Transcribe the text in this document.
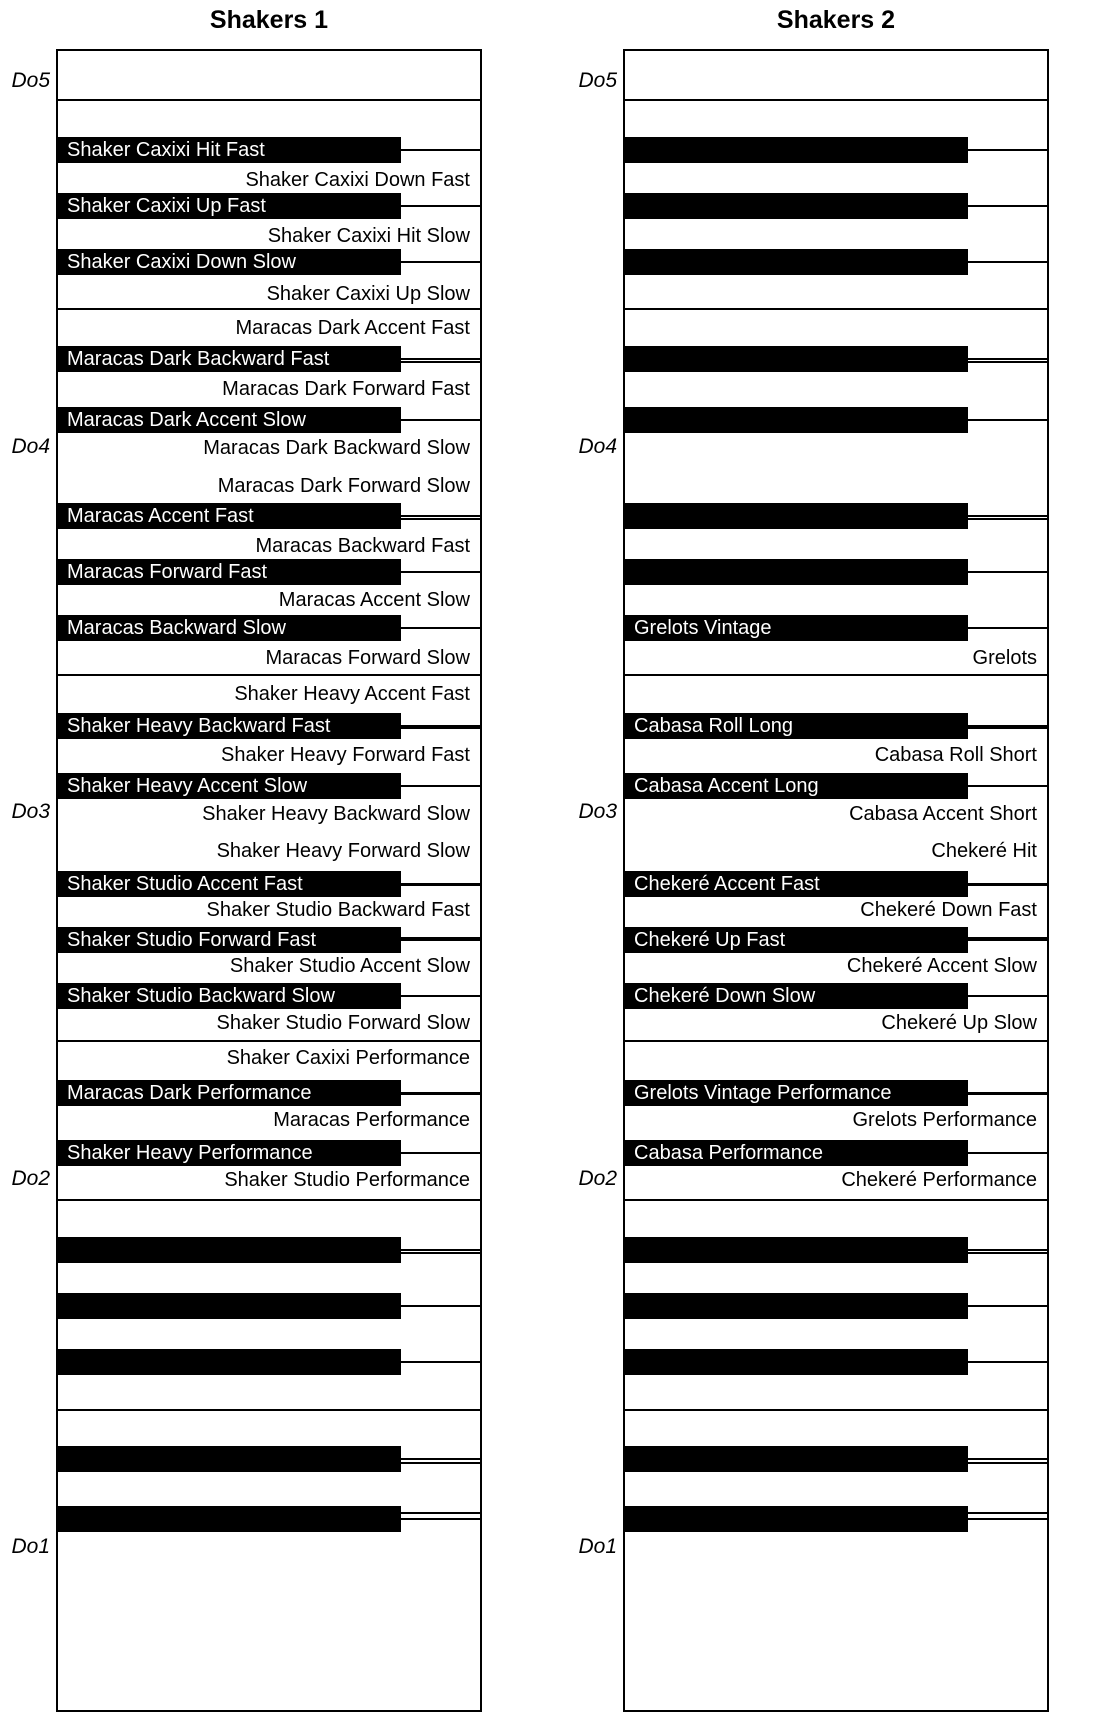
Shakers 1
Do5
Do4
Do3
Do2
Do1
Shaker Caxixi Hit Fast
Shaker Caxixi Up Fast
Shaker Caxixi Down Slow
Maracas Dark Backward Fast
Maracas Dark Accent Slow
Maracas Accent Fast
Maracas Forward Fast
Maracas Backward Slow
Shaker Heavy Backward Fast
Shaker Heavy Accent Slow
Shaker Studio Accent Fast
Shaker Studio Forward Fast
Shaker Studio Backward Slow
Maracas Dark Performance
Shaker Heavy Performance
Shaker Caxixi Down Fast
Shaker Caxixi Hit Slow
Shaker Caxixi Up Slow
Maracas Dark Accent Fast
Maracas Dark Forward Fast
Maracas Dark Backward Slow
Maracas Dark Forward Slow
Maracas Backward Fast
Maracas Accent Slow
Maracas Forward Slow
Shaker Heavy Accent Fast
Shaker Heavy Forward Fast
Shaker Heavy Backward Slow
Shaker Heavy Forward Slow
Shaker Studio Backward Fast
Shaker Studio Accent Slow
Shaker Studio Forward Slow
Shaker Caxixi Performance
Maracas Performance
Shaker Studio Performance
Shakers 2
Do5
Do4
Do3
Do2
Do1
Grelots Vintage
Cabasa Roll Long
Cabasa Accent Long
Chekeré Accent Fast
Chekeré Up Fast
Chekeré Down Slow
Grelots Vintage Performance
Cabasa Performance
Grelots
Cabasa Roll Short
Cabasa Accent Short
Chekeré Hit
Chekeré Down Fast
Chekeré Accent Slow
Chekeré Up Slow
Grelots Performance
Chekeré Performance
